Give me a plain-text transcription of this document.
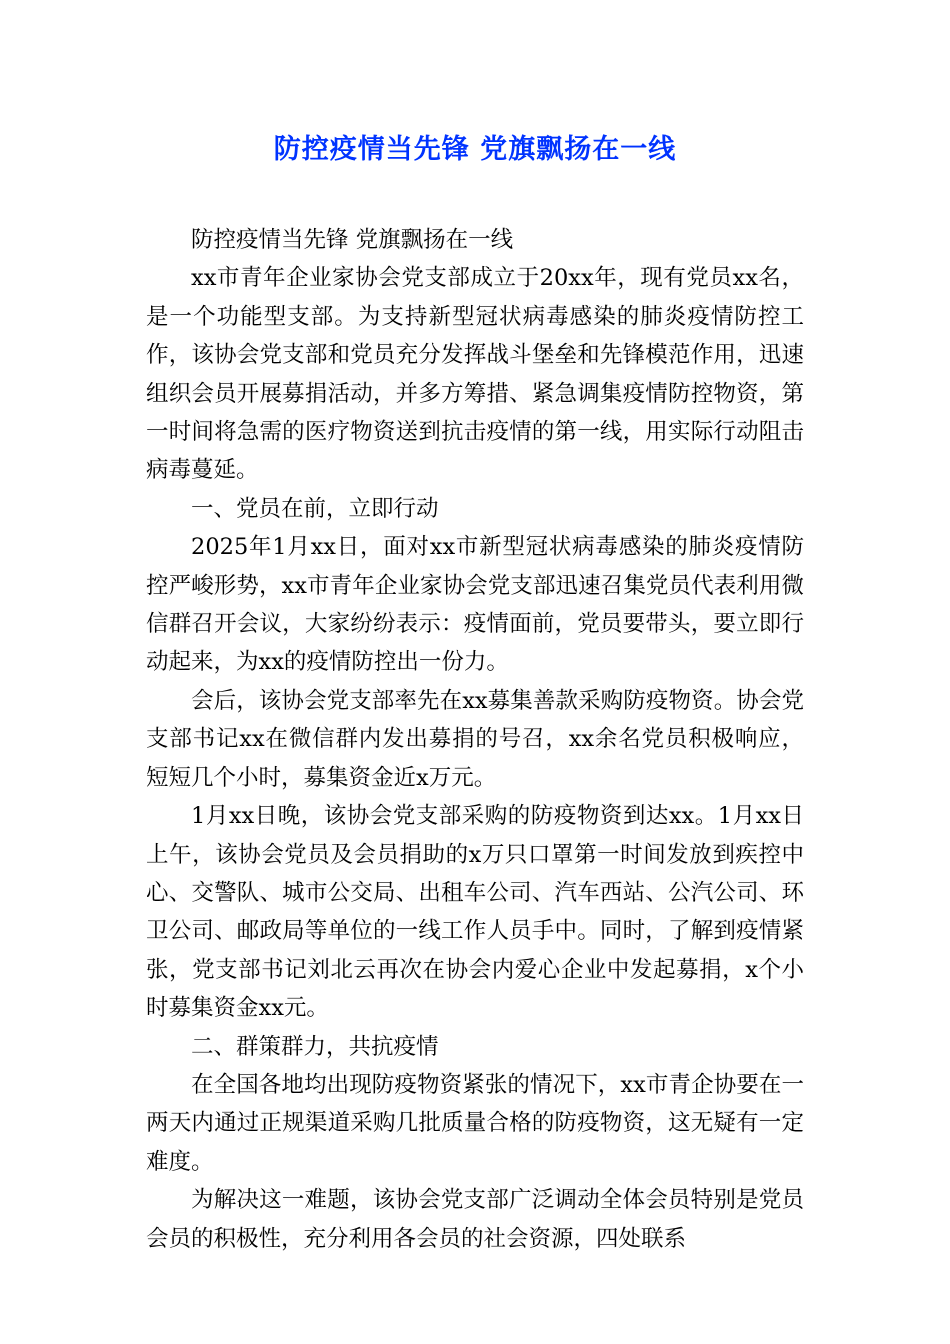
防控疫情当先锋 党旗飘扬在一线

防控疫情当先锋 党旗飘扬在一线

xx市青年企业家协会党支部成立于20xx年，现有党员xx名，是一个功能型支部。为支持新型冠状病毒感染的肺炎疫情防控工作，该协会党支部和党员充分发挥战斗堡垒和先锋模范作用，迅速组织会员开展募捐活动，并多方筹措、紧急调集疫情防控物资，第一时间将急需的医疗物资送到抗击疫情的第一线，用实际行动阻击病毒蔓延。

一、党员在前，立即行动

2025年1月xx日，面对xx市新型冠状病毒感染的肺炎疫情防控严峻形势，xx市青年企业家协会党支部迅速召集党员代表利用微信群召开会议，大家纷纷表示：疫情面前，党员要带头，要立即行动起来，为xx的疫情防控出一份力。

会后，该协会党支部率先在xx募集善款采购防疫物资。协会党支部书记xx在微信群内发出募捐的号召，xx余名党员积极响应，短短几个小时，募集资金近x万元。

1月xx日晚，该协会党支部采购的防疫物资到达xx。1月xx日上午，该协会党员及会员捐助的x万只口罩第一时间发放到疾控中心、交警队、城市公交局、出租车公司、汽车西站、公汽公司、环卫公司、邮政局等单位的一线工作人员手中。同时，了解到疫情紧张，党支部书记刘北云再次在协会内爱心企业中发起募捐，x个小时募集资金xx元。

二、群策群力，共抗疫情

在全国各地均出现防疫物资紧张的情况下，xx市青企协要在一两天内通过正规渠道采购几批质量合格的防疫物资，这无疑有一定难度。

为解决这一难题，该协会党支部广泛调动全体会员特别是党员会员的积极性，充分利用各会员的社会资源，四处联系
